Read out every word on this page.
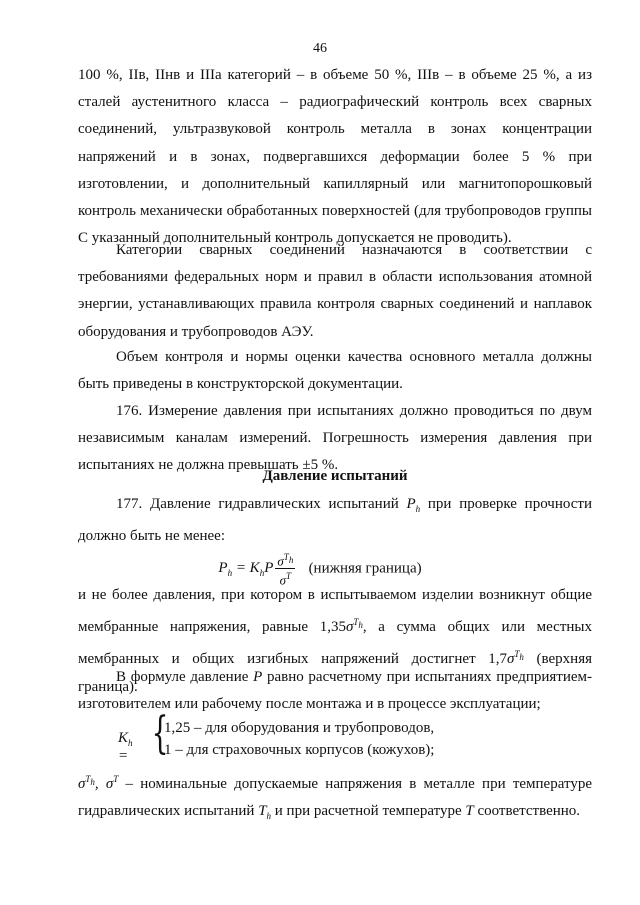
46

100 %, IIв, IIнв и IIIа категорий – в объеме 50 %, IIIв – в объеме 25 %, а из сталей аустенитного класса – радиографический контроль всех сварных соединений, ультразвуковой контроль металла в зонах концентрации напряжений и в зонах, подвергавшихся деформации более 5 % при изготовлении, и дополнительный капиллярный или магнитопорошковый контроль механически обработанных поверхностей (для трубопроводов группы С указанный дополнительный контроль допускается не проводить).

Категории сварных соединений назначаются в соответствии с требованиями федеральных норм и правил в области использования атомной энергии, устанавливающих правила контроля сварных соединений и наплавок оборудования и трубопроводов АЭУ.

Объем контроля и нормы оценки качества основного металла должны быть приведены в конструкторской документации.

176. Измерение давления при испытаниях должно проводиться по двум независимым каналам измерений. Погрешность измерения давления при испытаниях не должна превышать ±5 %.

Давление испытаний

177. Давление гидравлических испытаний $P_h$ при проверке прочности должно быть не менее:

$P_h = K_hP \frac{\sigma^{T_h}}{\sigma^T}$ (нижняя граница)

и не более давления, при котором в испытываемом изделии возникнут общие мембранные напряжения, равные $1,35\sigma^{T_h}$, а сумма общих или местных мембранных и общих изгибных напряжений достигнет $1,7\sigma^{T_h}$ (верхняя граница).

В формуле давление P равно расчетному при испытаниях предприятием-изготовителем или рабочему после монтажа и в процессе эксплуатации;

$K_h$ = {
1,25 – для оборудования и трубопроводов,
1 – для страховочных корпусов (кожухов);

$\sigma^{T_h}$, $\sigma^T$ – номинальные допускаемые напряжения в металле при температуре гидравлических испытаний $T_h$ и при расчетной температуре T соответственно.
